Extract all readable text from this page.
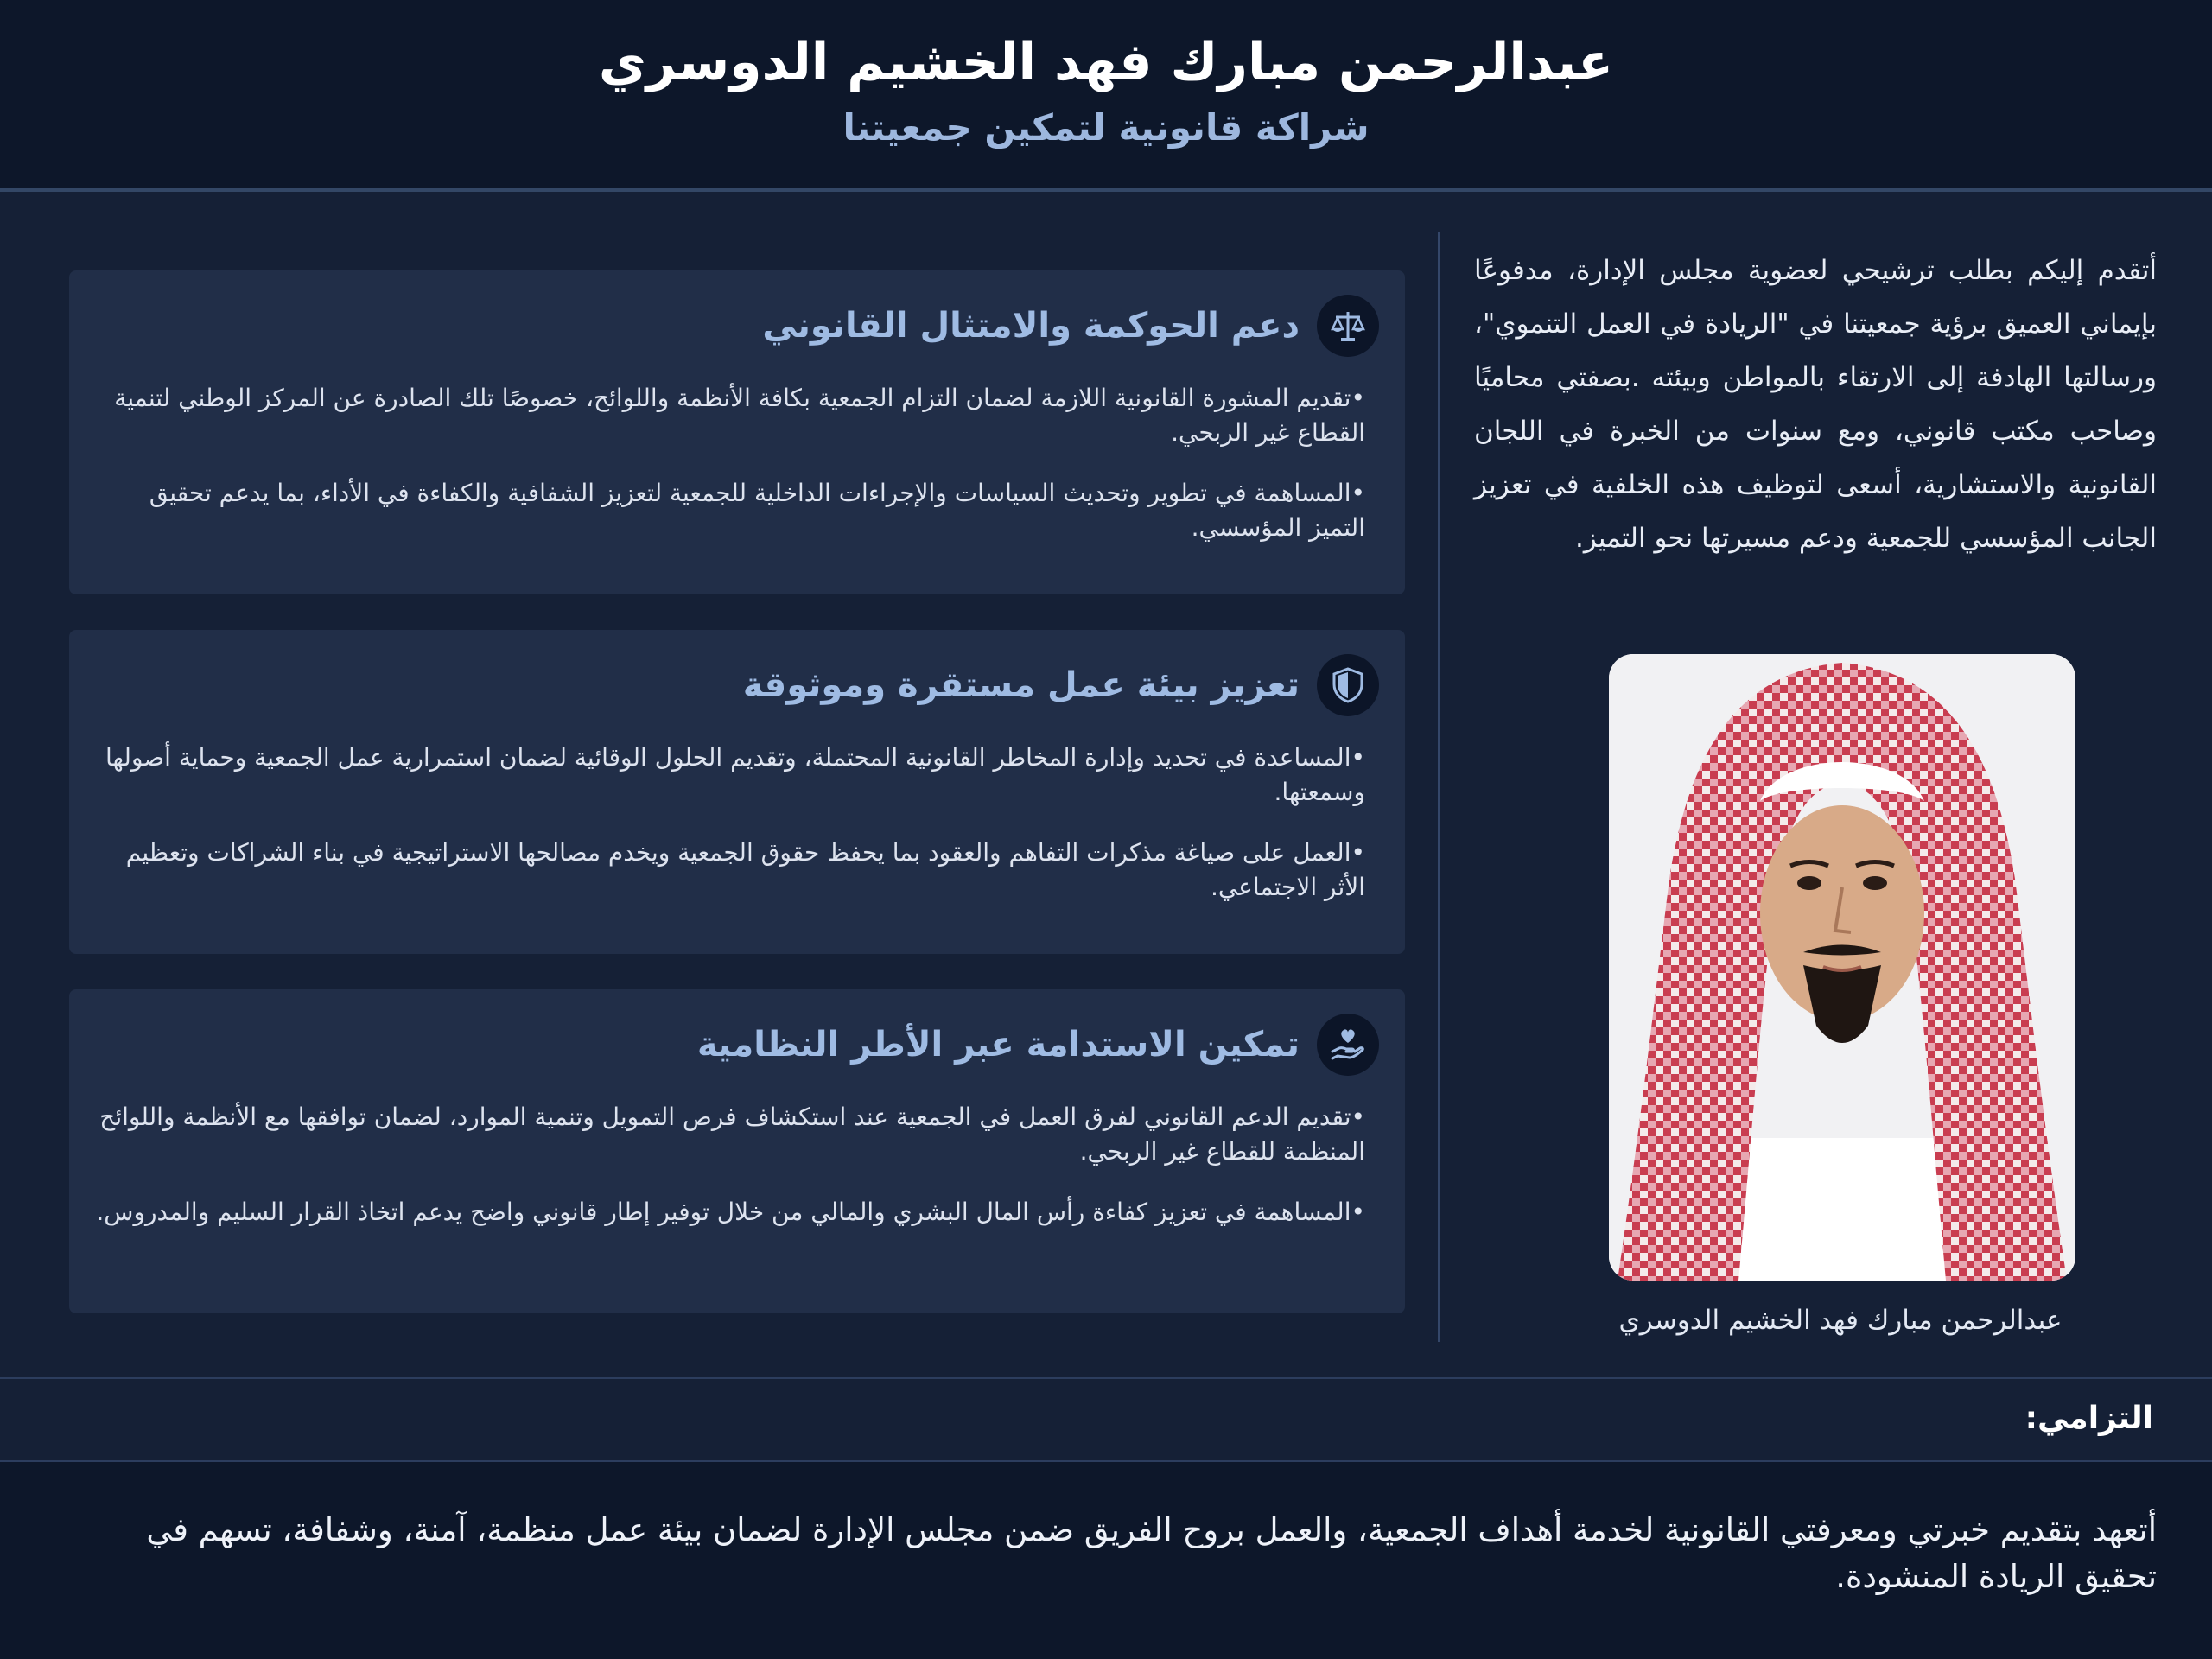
عبدالرحمن مبارك فهد الخشيم الدوسري
شراكة قانونية لتمكين جمعيتنا

أتقدم إليكم بطلب ترشيحي لعضوية مجلس الإدارة، مدفوعًا بإيماني العميق برؤية جمعيتنا في "الريادة في العمل التنموي"، ورسالتها الهادفة إلى الارتقاء بالمواطن وبيئته .بصفتي محاميًا وصاحب مكتب قانوني، ومع سنوات من الخبرة في اللجان القانونية والاستشارية، أسعى لتوظيف هذه الخلفية في تعزيز الجانب المؤسسي للجمعية ودعم مسيرتها نحو التميز.

عبدالرحمن مبارك فهد الخشيم الدوسري
دعم الحوكمة والامتثال القانوني
•تقديم المشورة القانونية اللازمة لضمان التزام الجمعية بكافة الأنظمة واللوائح، خصوصًا تلك الصادرة عن المركز الوطني لتنمية القطاع غير الربحي.
•المساهمة في تطوير وتحديث السياسات والإجراءات الداخلية للجمعية لتعزيز الشفافية والكفاءة في الأداء، بما يدعم تحقيق التميز المؤسسي.
تعزيز بيئة عمل مستقرة وموثوقة
•المساعدة في تحديد وإدارة المخاطر القانونية المحتملة، وتقديم الحلول الوقائية لضمان استمرارية عمل الجمعية وحماية أصولها وسمعتها.
•العمل على صياغة مذكرات التفاهم والعقود بما يحفظ حقوق الجمعية ويخدم مصالحها الاستراتيجية في بناء الشراكات وتعظيم الأثر الاجتماعي.
تمكين الاستدامة عبر الأطر النظامية
•تقديم الدعم القانوني لفرق العمل في الجمعية عند استكشاف فرص التمويل وتنمية الموارد، لضمان توافقها مع الأنظمة واللوائح المنظمة للقطاع غير الربحي.
•المساهمة في تعزيز كفاءة رأس المال البشري والمالي من خلال توفير إطار قانوني واضح يدعم اتخاذ القرار السليم والمدروس.
التزامي:

أتعهد بتقديم خبرتي ومعرفتي القانونية لخدمة أهداف الجمعية، والعمل بروح الفريق ضمن مجلس الإدارة لضمان بيئة عمل منظمة، آمنة، وشفافة، تسهم في تحقيق الريادة المنشودة.
